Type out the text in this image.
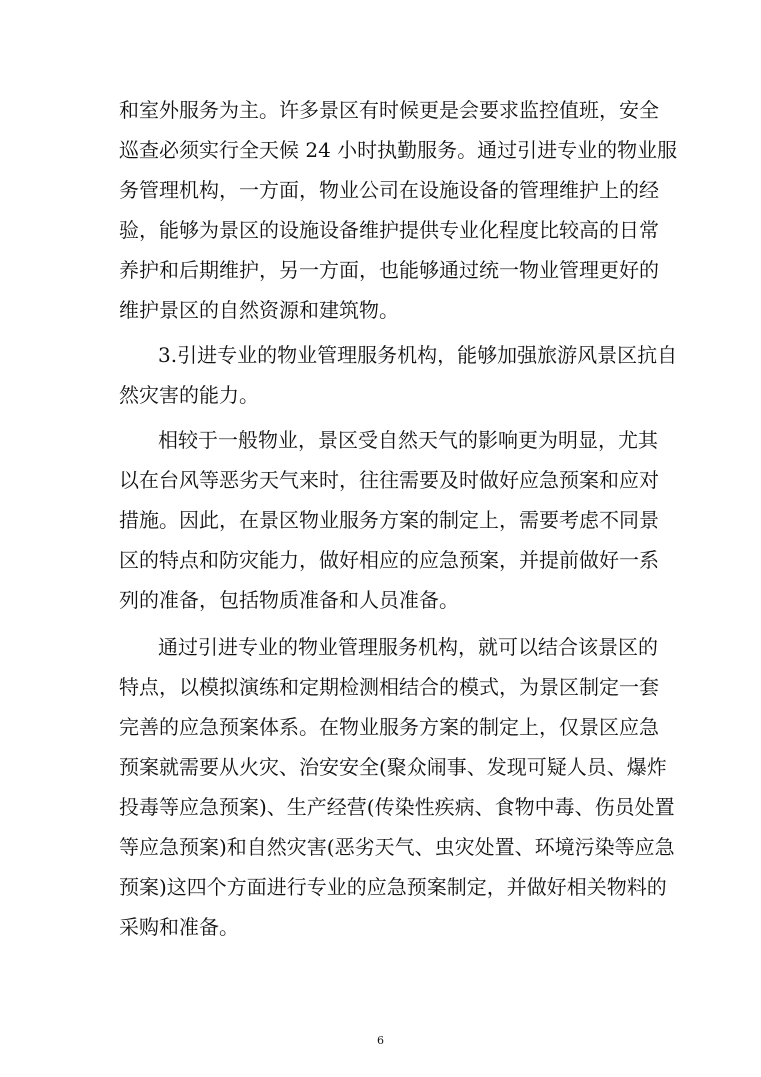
和室外服务为主。许多景区有时候更是会要求监控值班，安全
巡查必须实行全天候 24 小时执勤服务。通过引进专业的物业服
务管理机构，一方面，物业公司在设施设备的管理维护上的经
验，能够为景区的设施设备维护提供专业化程度比较高的日常
养护和后期维护，另一方面，也能够通过统一物业管理更好的
维护景区的自然资源和建筑物。
3.引进专业的物业管理服务机构，能够加强旅游风景区抗自
然灾害的能力。
相较于一般物业，景区受自然天气的影响更为明显，尤其
以在台风等恶劣天气来时，往往需要及时做好应急预案和应对
措施。因此，在景区物业服务方案的制定上，需要考虑不同景
区的特点和防灾能力，做好相应的应急预案，并提前做好一系
列的准备，包括物质准备和人员准备。
通过引进专业的物业管理服务机构，就可以结合该景区的
特点，以模拟演练和定期检测相结合的模式，为景区制定一套
完善的应急预案体系。在物业服务方案的制定上，仅景区应急
预案就需要从火灾、治安安全(聚众闹事、发现可疑人员、爆炸
投毒等应急预案)、生产经营(传染性疾病、食物中毒、伤员处置
等应急预案)和自然灾害(恶劣天气、虫灾处置、环境污染等应急
预案)这四个方面进行专业的应急预案制定，并做好相关物料的
采购和准备。
6
